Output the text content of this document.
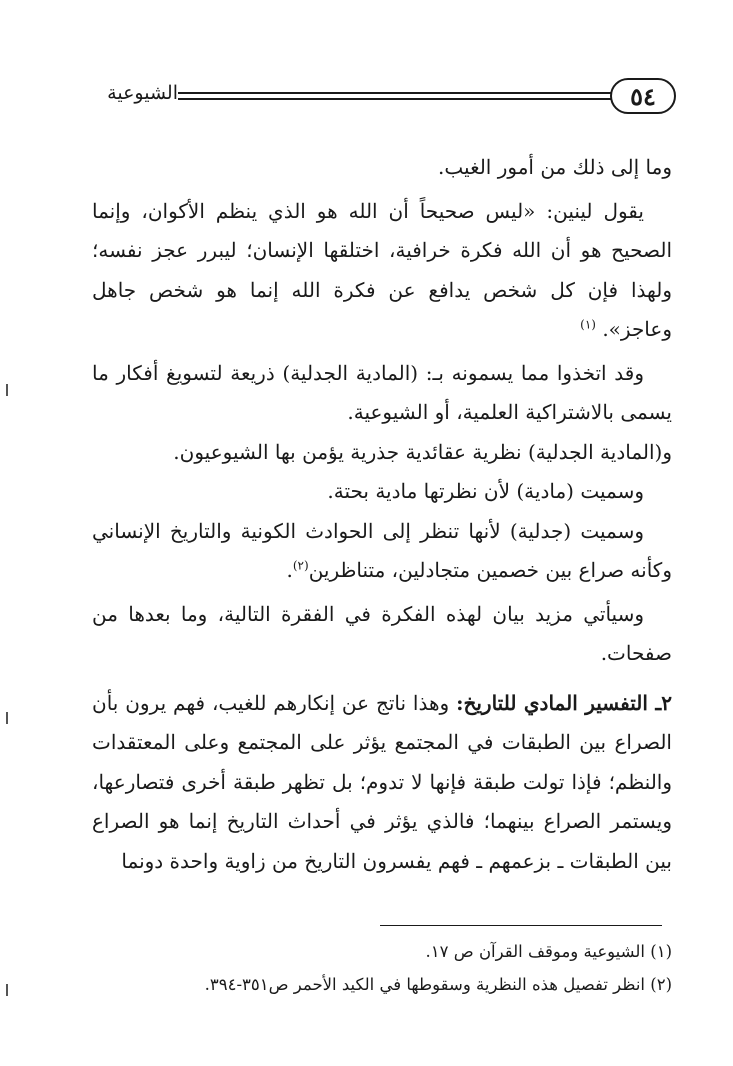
الشيوعية	٥٤

وما إلى ذلك من أمور الغيب.

يقول لينين: «ليس صحيحاً أن الله هو الذي ينظم الأكوان، وإنما الصحيح هو أن الله فكرة خرافية، اختلقها الإنسان؛ ليبرر عجز نفسه؛ ولهذا فإن كل شخص يدافع عن فكرة الله إنما هو شخص جاهل وعاجز». $^{(١)}$

وقد اتخذوا مما يسمونه بـ: (المادية الجدلية) ذريعة لتسويغ أفكار ما يسمى بالاشتراكية العلمية، أو الشيوعية.

و(المادية الجدلية) نظرية عقائدية جذرية يؤمن بها الشيوعيون.

وسميت (مادية) لأن نظرتها مادية بحتة.

وسميت (جدلية) لأنها تنظر إلى الحوادث الكونية والتاريخ الإنساني وكأنه صراع بين خصمين متجادلين، متناظرين$^{(٢)}$.

وسيأتي مزيد بيان لهذه الفكرة في الفقرة التالية، وما بعدها من صفحات.

٢ـ التفسير المادي للتاريخ: وهذا ناتج عن إنكارهم للغيب، فهم يرون بأن الصراع بين الطبقات في المجتمع يؤثر على المجتمع وعلى المعتقدات والنظم؛ فإذا تولت طبقة فإنها لا تدوم؛ بل تظهر طبقة أخرى فتصارعها، ويستمر الصراع بينهما؛ فالذي يؤثر في أحداث التاريخ إنما هو الصراع بين الطبقات ـ بزعمهم ـ فهم يفسرون التاريخ من زاوية واحدة دونما

(١) الشيوعية وموقف القرآن ص ١٧.

(٢) انظر تفصيل هذه النظرية وسقوطها في الكيد الأحمر ص٣٥١-٣٩٤.
